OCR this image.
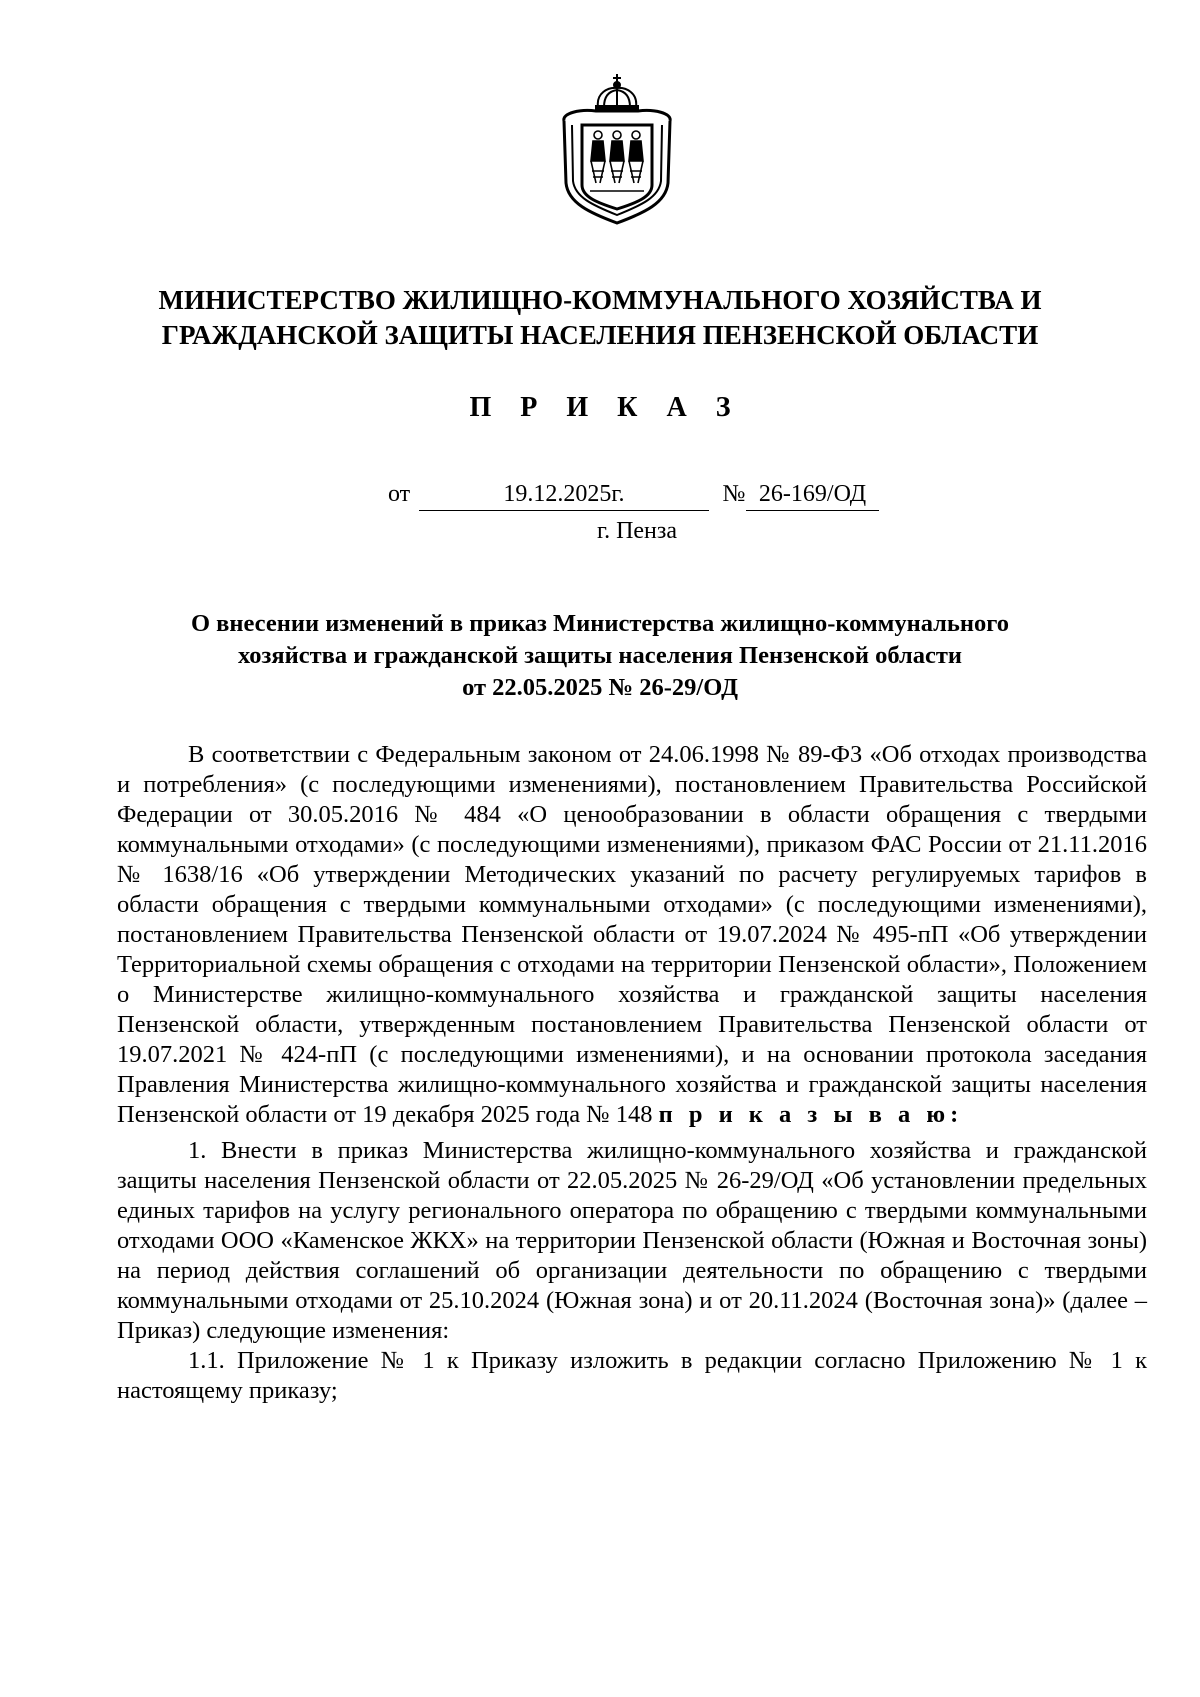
МИНИСТЕРСТВО ЖИЛИЩНО-КОММУНАЛЬНОГО ХОЗЯЙСТВА И
ГРАЖДАНСКОЙ ЗАЩИТЫ НАСЕЛЕНИЯ ПЕНЗЕНСКОЙ ОБЛАСТИ
П Р И К А З
от	19.12.2025г.	№ 26-169/ОД
г. Пенза
О внесении изменений в приказ Министерства жилищно-коммунального
хозяйства и гражданской защиты населения Пензенской области
от 22.05.2025 № 26-29/ОД

В соответствии с Федеральным законом от 24.06.1998 № 89-ФЗ «Об отходах производства и потребления» (с последующими изменениями), постановлением Правительства Российской Федерации от 30.05.2016 № 484 «О ценообразовании в области обращения с твердыми коммунальными отходами» (с последующими изменениями), приказом ФАС России от 21.11.2016 № 1638/16 «Об утверждении Методических указаний по расчету регулируемых тарифов в области обращения с твердыми коммунальными отходами» (с последующими изменениями), постановлением Правительства Пензенской области от 19.07.2024 № 495-пП «Об утверждении Территориальной схемы обращения с отходами на территории Пензенской области», Положением о Министерстве жилищно-коммунального хозяйства и гражданской защиты населения Пензенской области, утвержденным постановлением Правительства Пензенской области от 19.07.2021 № 424-пП (с последующими изменениями), и на основании протокола заседания Правления Министерства жилищно-коммунального хозяйства и гражданской защиты населения Пензенской области от 19 декабря 2025 года № 148 п р и к а з ы в а ю:

1. Внести в приказ Министерства жилищно-коммунального хозяйства и гражданской защиты населения Пензенской области от 22.05.2025 № 26-29/ОД «Об установлении предельных единых тарифов на услугу регионального оператора по обращению с твердыми коммунальными отходами ООО «Каменское ЖКХ» на территории Пензенской области (Южная и Восточная зоны) на период действия соглашений об организации деятельности по обращению с твердыми коммунальными отходами от 25.10.2024 (Южная зона) и от 20.11.2024 (Восточная зона)» (далее – Приказ) следующие изменения:

1.1. Приложение № 1 к Приказу изложить в редакции согласно Приложению № 1 к настоящему приказу;
